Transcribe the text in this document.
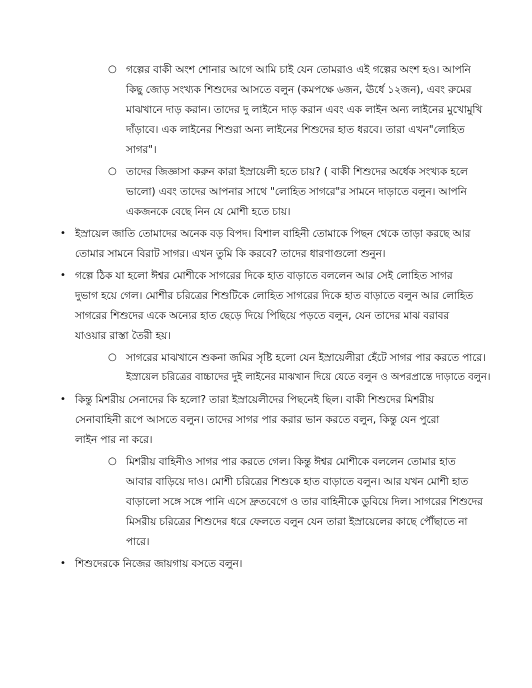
○ গল্পের বাকী অংশ শোনার আগে আমি চাই যেন তোমরাও এই গল্পের অংশ হও। আপনি
কিছু জোড় সংখ্যক শিশুদের আসতে বলুন (কমপক্ষে ৬জন, ঊর্ধে ১২জন), এবং রুমের
মাঝখানে দাড় করান। তাদের দু লাইনে দাড় করান এবং এক লাইন অন্য লাইনের মুখোমুখি
দাঁড়াবে। এক লাইনের শিশুরা অন্য লাইনের শিশুদের হাত ধরবে। তারা এখন"লোহিত
সাগর"।
○ তাদের জিজ্ঞাসা করুন কারা ইস্রায়েলী হতে চায়? ( বাকী শিশুদের অর্ধেক সংখ্যক হলে
ভালো) এবং তাদের আপনার সাথে "লোহিত সাগরে"র সামনে দাড়াতে বলুন। আপনি
একজনকে বেছে নিন যে মোশী হতে চায়।
• ইস্রায়েল জাতি তোমাদের অনেক বড় বিপদ। বিশাল বাহিনী তোমাকে পিছন থেকে তাড়া করছে আর
তোমার সামনে বিরাট সাগর। এখন তুমি কি করবে? তাদের ধারণাগুলো শুনুন।
• গল্পে ঠিক যা হলো ঈশ্বর মোশীকে সাগরের দিকে হাত বাড়াতে বললেন আর সেই লোহিত সাগর
দুভাগ হয়ে গেল। মোশীর চরিত্রের শিশুটিকে লোহিত সাগরের দিকে হাত বাড়াতে বলুন আর লোহিত
সাগরের শিশুদের একে অন্যের হাত ছেড়ে দিয়ে পিছিয়ে পড়তে বলুন, যেন তাদের মাঝ বরাবর
যাওয়ার রাস্তা তৈরী হয়।
○ সাগরের মাঝখানে শুকনা জমির সৃষ্টি হলো যেন ইস্রায়েলীরা হেঁটে সাগর পার করতে পারে।
ইস্রায়েল চরিত্রের বাচ্চাদের দুই লাইনের মাঝখান দিয়ে যেতে বলুন ও অপরপ্রান্তে দাড়াতে বলুন।
• কিন্তু মিশরীয় সেনাদের কি হলো? তারা ইস্রায়েলীদের পিছনেই ছিল। বাকী শিশুদের মিশরীয়
সেনাবাহিনী রূপে আসতে বলুন। তাদের সাগর পার করার ভান করতে বলুন, কিন্তু যেন পুরো
লাইন পার না করে।
○ মিশরীয় বাহিনীও সাগর পার করতে গেল। কিন্তু ঈশ্বর মোশীকে বললেন তোমার হাত
আবার বাড়িয়ে দাও। মোশী চরিত্রের শিশুকে হাত বাড়াতে বলুন। আর যখন মোশী হাত
বাড়ালো সঙ্গে সঙ্গে পানি এসে দ্রুতবেগে ও তার বাহিনীকে ডুবিয়ে দিল। সাগরের শিশুদের
মিসরীয় চরিত্রের শিশুদের ধরে ফেলতে বলুন যেন তারা ইস্রায়েলের কাছে পৌঁছাতে না
পারে।
• শিশুদেরকে নিজের জায়গায় বসতে বলুন।
